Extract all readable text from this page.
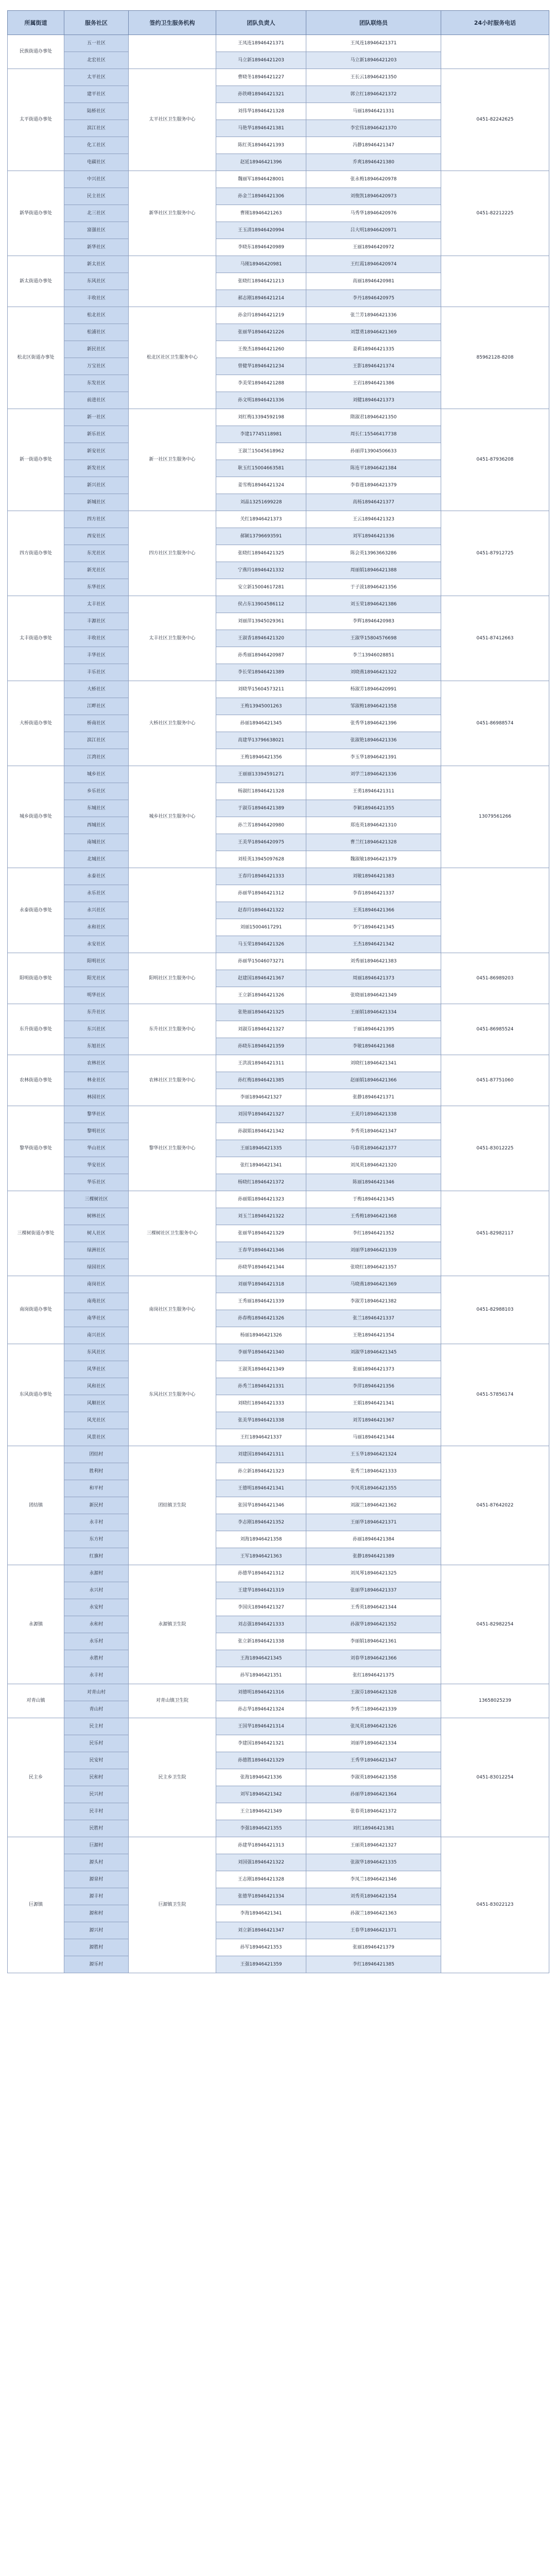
所属街道	服务社区	签约卫生服务机构	团队负责人	团队联络员	24小时服务电话
民族街道办事处	五一社区		王凤连18946421371	王凤连18946421371	
	北宏社区		马立新18946421203	马立新18946421203	
太平街道办事处	太平社区	太平社区卫生服务中心	曹晓冬18946421227	王长云18946421350	0451-82242625
	建平社区		孙铁峰18946421321	郭立红18946421372	
	陆桥社区		刘伟华18946421328	马丽18946421331	
	滨江社区		马艳华18946421381	李宏伟18946421370	
	化工社区		陈红英18946421393	冯静18946421347	
	电碳社区		赵延18946421396	乔爽18946421380	
新华街道办事处	中兴社区	新华社区卫生服务中心	魏丽军18946428001	张永梅18946420978	0451-82212225
	民主社区		孙金兰18946421306	刘俊凯18946420973	
	北三社区		曹刚18946421263	马秀华18946420976	
	富强社区		王玉清18946420994	吕大明18946420971	
	新华社区		李晓东18946420989	王丽18946420972	
新太街道办事处	新太社区		马刚18946420981	王红霞18946420974	
	东风社区		张晓红18946421213	高丽18946420981	
	丰收社区		郝志刚18946421214	李丹18946420975	
松北区街道办事处	松北社区	松北区社区卫生服务中心	孙金玲18946421219	张兰芳18946421336	85962128-8208
	松浦社区		张丽华18946421226	刘慧勇18946421369	
	新民社区		王俊杰18946421260	姜莉18946421335	
	万宝社区		曾健华18946421234	王影18946421374	
	东发社区		李美荣18946421288	王岩18946421386	
	前进社区		孙文明18946421336	刘健18946421373	
新一街道办事处	新一社区	新一社区卫生服务中心	刘红梅13394592198	隋淑君18946421350	0451-87936208
	新乐社区		李建17745118981	周长仁15546417738	
	新安社区		王淑兰15045618962	孙丽萍13904506633	
	新发社区		耿玉红15004663581	陈连平18946421384	
	新兴社区		姜雪梅18946421324	李春莲18946421379	
	新城社区		刘晶13251699228	高杨18946421377	
四方街道办事处	四方社区	四方社区卫生服务中心	关红18946421373	王云18946421323	0451-87912725
	西安社区		郝颖13796693591	刘军18946421336	
	东光社区		张晓红18946421325	陈会英13963663286	
	新光社区		宁燕玲18946421332	周丽娟18946421388	
	东华社区		安立新15004617281	于子波18946421356	
太丰街道办事处	太丰社区	太丰社区卫生服务中心	侯占东13904586112	刘玉荣18946421386	0451-87412663
	丰源社区		刘丽萍13945029361	李辉18946420983	
	丰收社区		王淑香18946421320	王淑华15804576698	
	丰华社区		孙秀丽18946420987	李兰13946028851	
	丰乐社区		李长荣18946421389	刘晓燕18946421322	
大桥街道办事处	大桥社区	大桥社区卫生服务中心	刘晓华15604573211	杨淑芳18946420991	0451-86988574
	江畔社区		王梅13945001263	邹淑梅18946421358	
	桥南社区		孙丽18946421345	张秀华18946421396	
	滨江社区		高建华13796638021	张淑艳18946421336	
	江湾社区		王梅18946421356	李玉华18946421391	
城乡街道办事处	城乡社区	城乡社区卫生服务中心	王丽丽13394591271	刘学兰18946421336	13079561266
	乡乐社区		杨淑红18946421328	王勇18946421311	
	东城社区		于淑芬18946421389	李颖18946421355	
	西城社区		孙兰芳18946420980	郑连英18946421310	
	南城社区		王美华18946420975	曹兰红18946421328	
	北城社区		刘桂英13945097628	魏淑敏18946421379	
永泰街道办事处	永泰社区		王春玲18946421333	刘敏18946421383	
	永乐社区		孙丽华18946421312	李春18946421337	
	永兴社区		赵春玲18946421322	王英18946421366	
	永和社区		刘丽15004617291	李宁18946421345	
	永安社区		马玉荣18946421326	王杰18946421342	
阳明街道办事处	阳明社区	阳明社区卫生服务中心	孙丽华15046073271	刘秀丽18946421383	0451-86989203
	阳光社区		赵建国18946421367	周丽18946421373	
	明华社区		王立新18946421326	张晓丽18946421349	
东升街道办事处	东升社区	东升社区卫生服务中心	张艳丽18946421325	王丽娟18946421334	0451-86985524
	东兴社区		刘淑芬18946421327	于丽18946421395	
	东旭社区		孙晓东18946421359	李敏18946421368	
农林街道办事处	农林社区	农林社区卫生服务中心	王洪波18946421311	刘晓红18946421341	0451-87751060
	林业社区		孙红梅18946421385	赵丽娟18946421366	
	林园社区		李丽18946421327	张静18946421371	
黎华街道办事处	黎华社区	黎华社区卫生服务中心	刘国华18946421327	王美玲18946421338	0451-83012225
	黎明社区		孙淑娟18946421342	李秀英18946421347	
	华山社区		王丽18946421335	马春英18946421377	
	华安社区		张红18946421341	刘凤英18946421320	
	华乐社区		杨晓红18946421372	陈丽18946421346	
三棵树街道办事处	三棵树社区	三棵树社区卫生服务中心	孙丽娟18946421323	于梅18946421345	0451-82982117
	树林社区		刘玉兰18946421322	王秀梅18946421368	
	树人社区		张丽华18946421329	李红18946421352	
	绿洲社区		王春华18946421346	刘丽华18946421339	
	绿园社区		孙晓华18946421344	张晓红18946421357	
南岗街道办事处	南岗社区	南岗社区卫生服务中心	刘丽华18946421318	马晓燕18946421369	0451-82988103
	南苑社区		王秀丽18946421339	李淑芳18946421382	
	南华社区		孙春梅18946421326	张兰18946421337	
	南兴社区		杨丽18946421326	王艳18946421354	
东风街道办事处	东风社区	东风社区卫生服务中心	李丽华18946421340	刘淑华18946421345	0451-57856174
	风华社区		王淑英18946421349	张丽18946421373	
	风和社区		孙秀兰18946421331	李萍18946421356	
	风顺社区		刘晓红18946421333	王娟18946421341	
	风光社区		张美华18946421338	刘芳18946421367	
	风景社区		王红18946421337	马丽18946421344	
团结镇	团结村	团结镇卫生院	刘建国18946421311	王玉华18946421324	0451-87642022
	胜利村		孙立新18946421323	张秀兰18946421333	
	和平村		王德明18946421341	李凤英18946421355	
	新民村		张国华18946421346	刘淑兰18946421362	
	永丰村		李志刚18946421352	王丽华18946421371	
	东方村		刘海18946421358	孙丽18946421384	
	红旗村		王军18946421363	张静18946421389	
永源镇	永源村	永源镇卫生院	孙德华18946421312	刘凤琴18946421325	0451-82982254
	永兴村		王建华18946421319	张丽华18946421337	
	永安村		李国庆18946421327	王秀英18946421344	
	永和村		刘志强18946421333	孙淑华18946421352	
	永乐村		张立新18946421338	李丽娟18946421361	
	永胜村		王海18946421345	刘春华18946421366	
	永丰村		孙军18946421351	张红18946421375	
对青山镇	对青山村	对青山镇卫生院	刘德明18946421316	王淑芬18946421328	13658025239
	青山村		孙志华18946421324	李秀兰18946421339	
民主乡	民主村	民主乡卫生院	王国华18946421314	张凤英18946421326	0451-83012254
	民乐村		李建国18946421321	刘丽华18946421334	
	民安村		孙德胜18946421329	王秀华18946421347	
	民和村		张海18946421336	李淑英18946421358	
	民兴村		刘军18946421342	孙丽华18946421364	
	民丰村		王立18946421349	张春英18946421372	
	民胜村		李强18946421355	刘红18946421381	
巨源镇	巨源村	巨源镇卫生院	孙建华18946421313	王丽英18946421327	0451-83022123
	源头村		刘国强18946421322	张淑华18946421335	
	源泉村		王志刚18946421328	李凤兰18946421346	
	源丰村		张德华18946421334	刘秀英18946421354	
	源和村		李海18946421341	孙淑兰18946421363	
	源兴村		刘立新18946421347	王春华18946421371	
	源胜村		孙军18946421353	张丽18946421379	
	源乐村		王强18946421359	李红18946421385	
